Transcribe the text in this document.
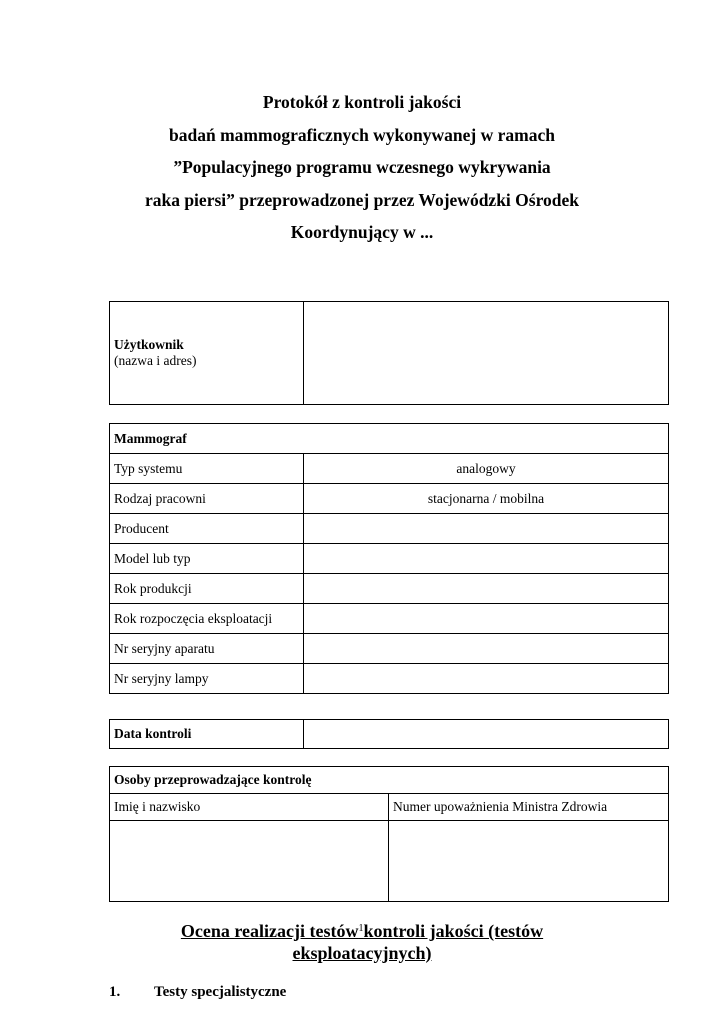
Protokół z kontroli jakości
badań mammograficznych wykonywanej w ramach
”Populacyjnego programu wczesnego wykrywania
raka piersi” przeprowadzonej przez Wojewódzki Ośrodek
Koordynujący w ...
Użytkownik
(nazwa i adres)	
Mammograf	
Typ systemu	analogowy
Rodzaj pracowni	stacjonarna / mobilna
Producent	
Model lub typ	
Rok produkcji	
Rok rozpoczęcia eksploatacji	
Nr seryjny aparatu	
Nr seryjny lampy	
Data kontroli	
Osoby przeprowadzające kontrolę	
Imię i nazwisko	Numer upoważnienia Ministra Zdrowia

Ocena realizacji testów$^1$kontroli jakości (testów
eksploatacyjnych)
1. Testy specjalistyczne
